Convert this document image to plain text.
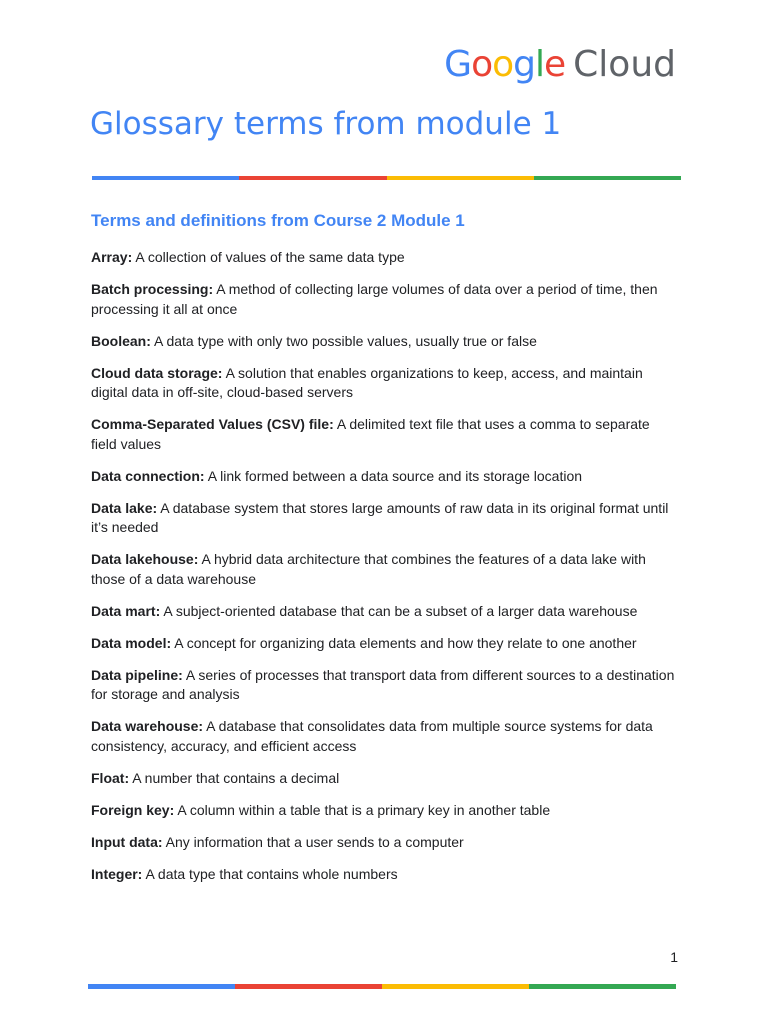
Google Cloud
Glossary terms from module 1
Terms and definitions from Course 2 Module 1

Array: A collection of values of the same data type

Batch processing: A method of collecting large volumes of data over a period of time, then processing it all at once

Boolean: A data type with only two possible values, usually true or false

Cloud data storage: A solution that enables organizations to keep, access, and maintain digital data in off-site, cloud-based servers

Comma-Separated Values (CSV) file: A delimited text file that uses a comma to separate field values

Data connection: A link formed between a data source and its storage location

Data lake: A database system that stores large amounts of raw data in its original format until it’s needed

Data lakehouse: A hybrid data architecture that combines the features of a data lake with those of a data warehouse

Data mart: A subject-oriented database that can be a subset of a larger data warehouse

Data model: A concept for organizing data elements and how they relate to one another

Data pipeline: A series of processes that transport data from different sources to a destination for storage and analysis

Data warehouse: A database that consolidates data from multiple source systems for data consistency, accuracy, and efficient access

Float: A number that contains a decimal

Foreign key: A column within a table that is a primary key in another table

Input data: Any information that a user sends to a computer

Integer: A data type that contains whole numbers

1
